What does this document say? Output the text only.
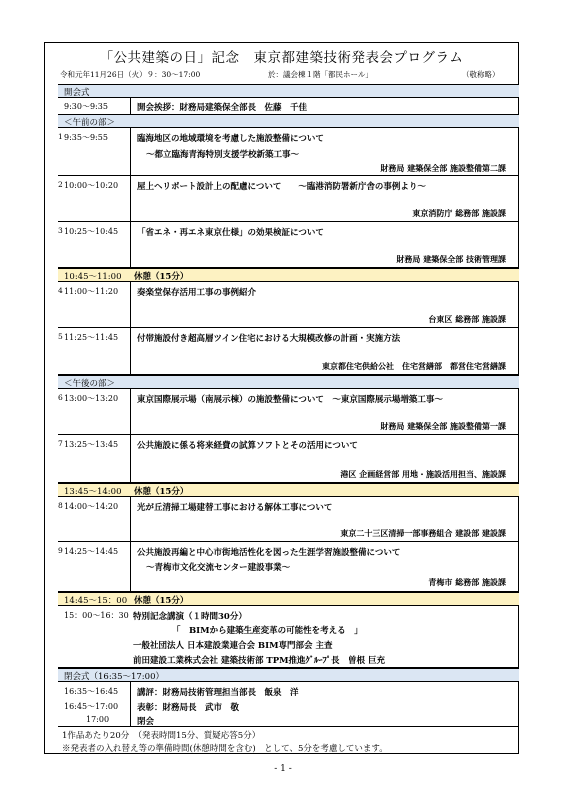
「公共建築の日」記念　東京都建築技術発表会プログラム
令和元年11月26日（火）９：30～17:00	於：議会棟１階「都民ホール」	（敬称略）
開会式
9:30～9:35	開会挨拶：財務局建築保全部長　佐藤　千佳
＜午前の部＞
1 9:35～9:55	臨海地区の地域環境を考慮した施設整備について
～都立臨海青海特別支援学校新築工事～
財務局 建築保全部 施設整備第二課
2 10:00～10:20 屋上ヘリポート設計上の配慮について　　～臨港消防署新庁舎の事例より～
東京消防庁 総務部 施設課
3 10:25～10:45 「省エネ・再エネ東京仕様」の効果検証について
財務局 建築保全部 技術管理課
10:45～11:00 休憩（15分）
4 11:00～11:20 奏楽堂保存活用工事の事例紹介
台東区 総務部 施設課
5 11:25～11:45 付帯施設付き超高層ツイン住宅における大規模改修の計画・実施方法
東京都住宅供給公社　住宅営繕部　都営住宅営繕課
＜午後の部＞
6 13:00～13:20 東京国際展示場（南展示棟）の施設整備について　～東京国際展示場増築工事～
財務局 建築保全部 施設整備第一課
7 13:25～13:45 公共施設に係る将来経費の試算ソフトとその活用について
港区 企画経営部 用地・施設活用担当、施設課
13:45～14:00 休憩（15分）
8 14:00～14:20 光が丘清掃工場建替工事における解体工事について
東京二十三区清掃一部事務組合 建設部 建設課
9 14:25～14:45 公共施設再編と中心市街地活性化を図った生涯学習施設整備について
～青梅市文化交流センター建設事業～
青梅市 総務部 施設課
14:45～15：00 休憩（15分）
15：00～16：30 特別記念講演（１時間30分）
「　BIMから建築生産変革の可能性を考える　」
一般社団法人 日本建設業連合会 BIM専門部会 主査
前田建設工業株式会社 建築技術部 TPM推進ｸﾞﾙｰﾌﾟ長　曽根 巨充
閉会式（16:35～17:00）
16:35～16:45 講評：財務局技術管理担当部長　飯泉　洋
16:45～17:00 表彰：財務局長　武市　敬
17:00	閉会
1作品あたり20分　（発表時間15分、質疑応答5分）
※発表者の入れ替え等の準備時間(休憩時間を含む)　として、5分を考慮しています。
- 1 -
